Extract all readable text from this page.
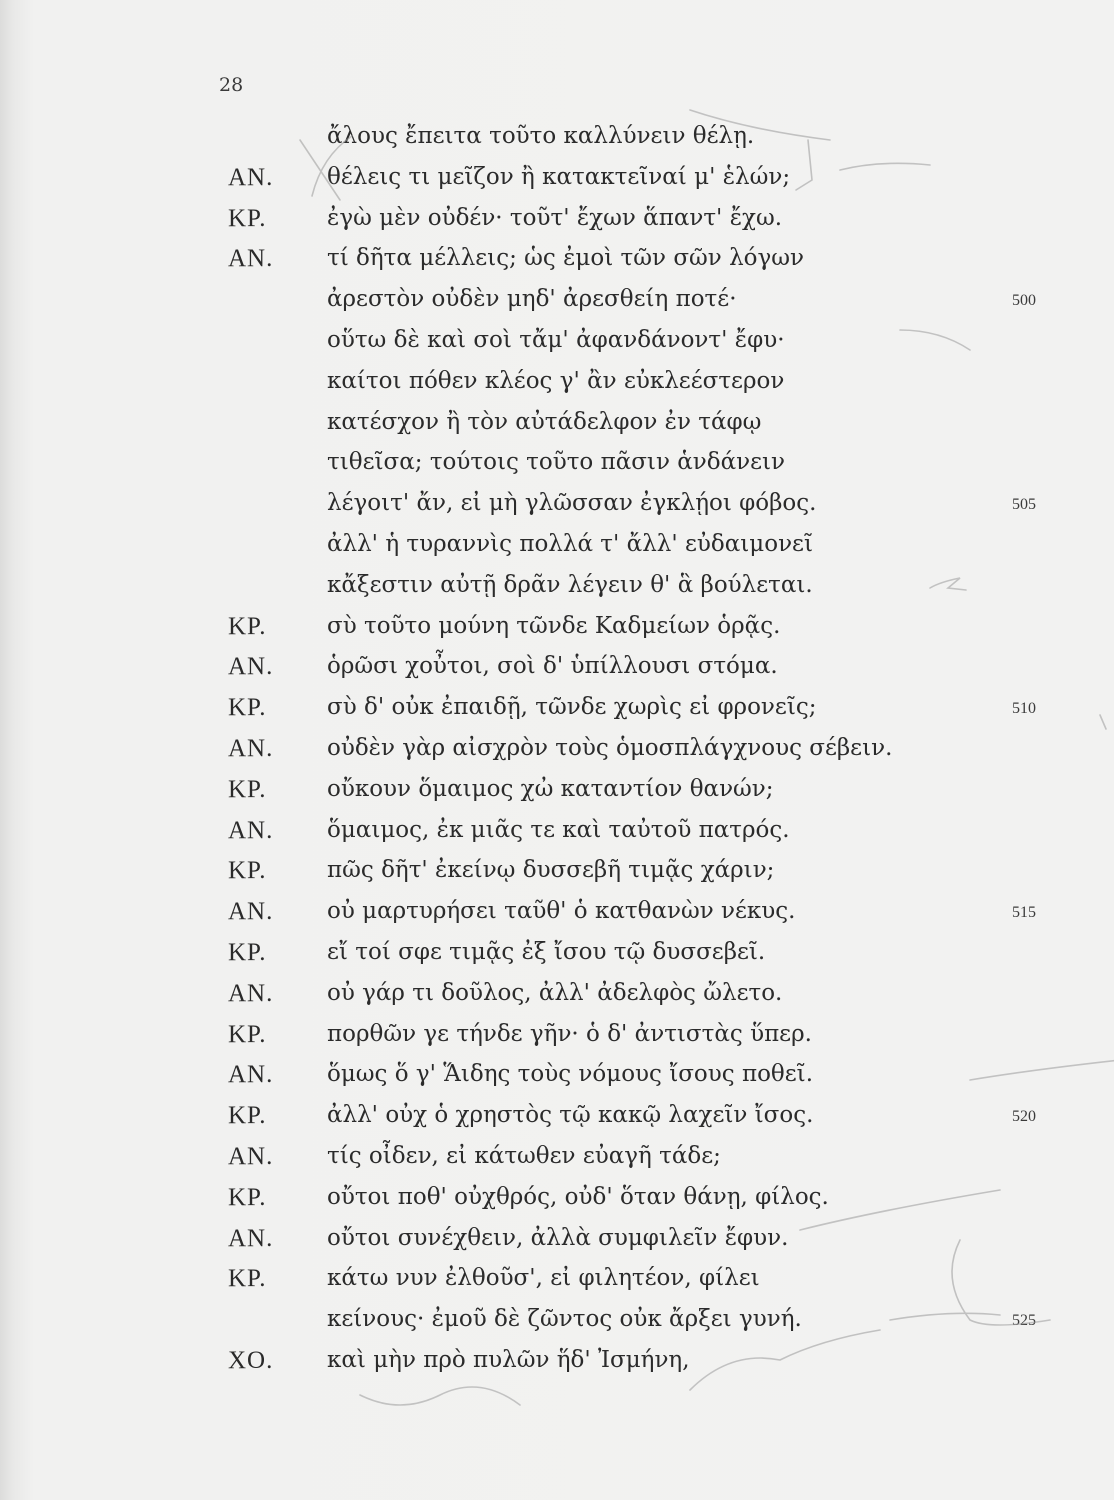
28
ἄλους ἔπειτα τοῦτο καλλύνειν θέλῃ.
ΑΝ. θέλεις τι μεῖζον ἢ κατακτεῖναί μ' ἑλών;
ΚΡ.	ἐγὼ μὲν οὐδέν· τοῦτ' ἔχων ἅπαντ' ἔχω.
ΑΝ. τί δῆτα μέλλεις; ὡς ἐμοὶ τῶν σῶν λόγων
ἀρεστὸν οὐδὲν μηδ' ἀρεσθείη ποτέ·	500
οὕτω δὲ καὶ σοὶ τἄμ' ἀφανδάνοντ' ἔφυ·
καίτοι πόθεν κλέος γ' ἂν εὐκλεέστερον
κατέσχον ἢ τὸν αὐτάδελφον ἐν τάφῳ
τιθεῖσα; τούτοις τοῦτο πᾶσιν ἁνδάνειν
λέγοιτ' ἄν, εἰ μὴ γλῶσσαν ἐγκλῄοι φόβος.	505
ἀλλ' ἡ τυραννὶς πολλά τ' ἄλλ' εὐδαιμονεῖ
κἄξεστιν αὐτῇ δρᾶν λέγειν θ' ἃ βούλεται.
ΚΡ.	σὺ τοῦτο μούνη τῶνδε Καδμείων ὁρᾷς.
ΑΝ. ὁρῶσι χοὖτοι, σοὶ δ' ὑπίλλουσι στόμα.
ΚΡ.	σὺ δ' οὐκ ἐπαιδῇ, τῶνδε χωρὶς εἰ φρονεῖς;	510
ΑΝ. οὐδὲν γὰρ αἰσχρὸν τοὺς ὁμοσπλάγχνους σέβειν.
ΚΡ.	οὔκουν ὅμαιμος χὠ καταντίον θανών;
ΑΝ. ὅμαιμος, ἐκ μιᾶς τε καὶ ταὐτοῦ πατρός.
ΚΡ.	πῶς δῆτ' ἐκείνῳ δυσσεβῆ τιμᾷς χάριν;
ΑΝ. οὐ μαρτυρήσει ταῦθ' ὁ κατθανὼν νέκυς.	515
ΚΡ.	εἴ τοί σφε τιμᾷς ἐξ ἴσου τῷ δυσσεβεῖ.
ΑΝ. οὐ γάρ τι δοῦλος, ἀλλ' ἀδελφὸς ὤλετο.
ΚΡ.	πορθῶν γε τήνδε γῆν· ὁ δ' ἀντιστὰς ὕπερ.
ΑΝ. ὅμως ὅ γ' Ἅιδης τοὺς νόμους ἴσους ποθεῖ.
ΚΡ.	ἀλλ' οὐχ ὁ χρηστὸς τῷ κακῷ λαχεῖν ἴσος.	520
ΑΝ. τίς οἶδεν, εἰ κάτωθεν εὐαγῆ τάδε;
ΚΡ.	οὔτοι ποθ' οὐχθρός, οὐδ' ὅταν θάνῃ, φίλος.
ΑΝ. οὔτοι συνέχθειν, ἀλλὰ συμφιλεῖν ἔφυν.
ΚΡ.	κάτω νυν ἐλθοῦσ', εἰ φιλητέον, φίλει
κείνους· ἐμοῦ δὲ ζῶντος οὐκ ἄρξει γυνή.	525
ΧΟ. καὶ μὴν πρὸ πυλῶν ἥδ' Ἰσμήνη,
